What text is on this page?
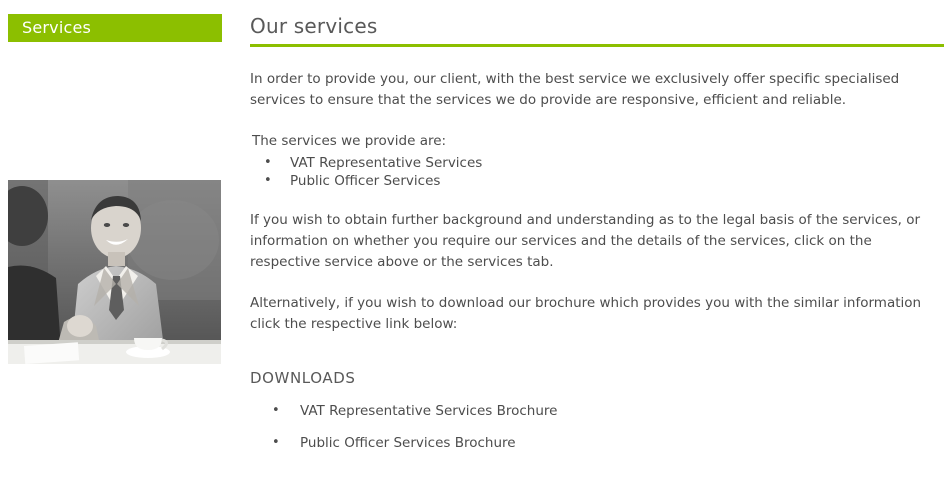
Services	Our services

In order to provide you, our client, with the best service we exclusively offer specific specialised services to ensure that the services we do provide are responsive, efficient and reliable.

The services we provide are:

• VAT Representative Services
• Public Officer Services

If you wish to obtain further background and understanding as to the legal basis of the services, or information on whether you require our services and the details of the services, click on the respective service above or the services tab.

Alternatively, if you wish to download our brochure which provides you with the similar information click the respective link below:

DOWNLOADS
• VAT Representative Services Brochure
• Public Officer Services Brochure
